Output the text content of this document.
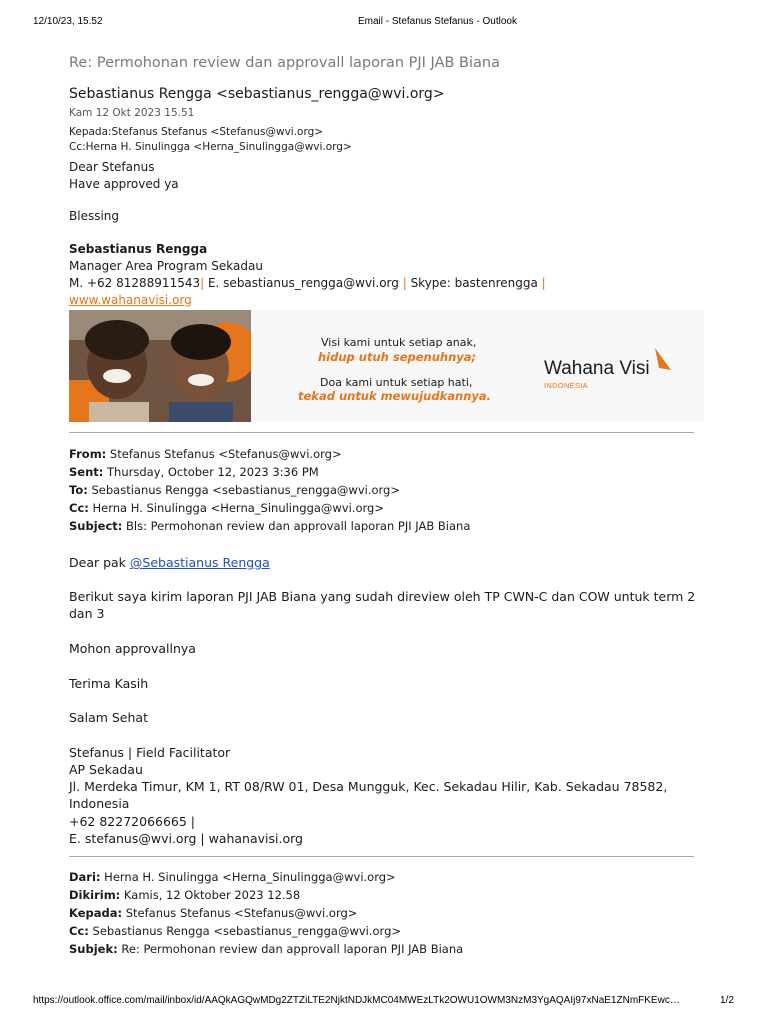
12/10/23, 15.52	Email - Stefanus Stefanus - Outlook
Re: Permohonan review dan approvall laporan PJI JAB Biana
Sebastianus Rengga <sebastianus_rengga@wvi.org>
Kam 12 Okt 2023 15.51
Kepada:Stefanus Stefanus <Stefanus@wvi.org>
Cc:Herna H. Sinulingga <Herna_Sinulingga@wvi.org>
Dear Stefanus
Have approved ya
Blessing
Sebastianus Rengga
Manager Area Program Sekadau
M. +62 81288911543| E. sebastianus_rengga@wvi.org | Skype: bastenrengga |
www.wahanavisi.org
Visi kami untuk setiap anak,
hidup utuh sepenuhnya;
Doa kami untuk setiap hati,
tekad untuk mewujudkannya.
Wahana Visi
INDONESIA
From: Stefanus Stefanus <Stefanus@wvi.org>
Sent: Thursday, October 12, 2023 3:36 PM
To: Sebastianus Rengga <sebastianus_rengga@wvi.org>
Cc: Herna H. Sinulingga <Herna_Sinulingga@wvi.org>
Subject: Bls: Permohonan review dan approvall laporan PJI JAB Biana
Dear pak @Sebastianus Rengga
Berikut saya kirim laporan PJI JAB Biana yang sudah direview oleh TP CWN-C dan COW untuk term 2
dan 3
Mohon approvallnya
Terima Kasih
Salam Sehat
Stefanus | Field Facilitator
AP Sekadau
Jl. Merdeka Timur, KM 1, RT 08/RW 01, Desa Mungguk, Kec. Sekadau Hilir, Kab. Sekadau 78582,
Indonesia
+62 82272066665 |
E. stefanus@wvi.org | wahanavisi.org
Dari: Herna H. Sinulingga <Herna_Sinulingga@wvi.org>
Dikirim: Kamis, 12 Oktober 2023 12.58
Kepada: Stefanus Stefanus <Stefanus@wvi.org>
Cc: Sebastianus Rengga <sebastianus_rengga@wvi.org>
Subjek: Re: Permohonan review dan approvall laporan PJI JAB Biana
https://outlook.office.com/mail/inbox/id/AAQkAGQwMDg2ZTZiLTE2NjktNDJkMC04MWEzLTk2OWU1OWM3NzM3YgAQAIj97xNaE1ZNmFKEwc…	1/2
